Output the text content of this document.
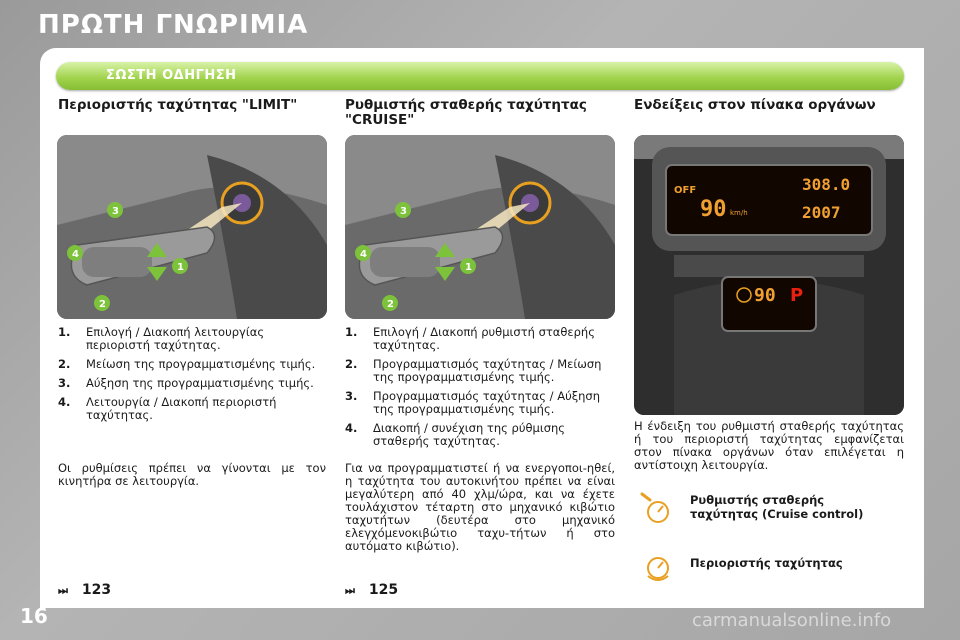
ΠΡΩΤΗ ΓΝΩΡΙΜΙΑ
ΣΩΣΤΗ ΟΔΗΓΗΣΗ
Περιοριστής ταχύτητας "LIMIT"
1
2
3
4
1. Επιλογή / Διακοπή λειτουργίας περιοριστή ταχύτητας.
2. Μείωση της προγραμματισμένης τιμής.
3. Αύξηση της προγραμματισμένης τιμής.
4. Λειτουργία / Διακοπή περιοριστή ταχύτητας.
Οι ρυθμίσεις πρέπει να γίνονται με τον κινητήρα σε λειτουργία.
⏭ 123
Ρυθμιστής σταθερής ταχύτητας "CRUISE"
1
2
3
4
1. Επιλογή / Διακοπή ρυθμιστή σταθερής ταχύτητας.
2. Προγραμματισμός ταχύτητας / Μείωση της προγραμματισμένης τιμής.
3. Προγραμματισμός ταχύτητας / Αύξηση της προγραμματισμένης τιμής.
4. Διακοπή / συνέχιση της ρύθμισης σταθερής ταχύτητας.
Για να προγραμματιστεί ή να ενεργοποι-ηθεί, η ταχύτητα του αυτοκινήτου πρέπει να είναι μεγαλύτερη από 40 χλμ/ώρα, και να έχετε τουλάχιστον τέταρτη στο μηχανικό κιβώτιο ταχυτήτων (δευτέρα στο μηχανικό ελεγχόμενοκιβώτιο ταχυ-τήτων ή στο αυτόματο κιβώτιο).
⏭ 125
Ενδείξεις στον πίνακα οργάνων
OFF
90 km/h
308.0
2007
90 P
Η ένδειξη του ρυθμιστή σταθερής ταχύτητας ή του περιοριστή ταχύτητας εμφανίζεται στον πίνακα οργάνων όταν επιλέγεται η αντίστοιχη λειτουργία.
Ρυθμιστής σταθερής ταχύτητας (Cruise control)
Περιοριστής ταχύτητας
16	carmanualsonline.info
